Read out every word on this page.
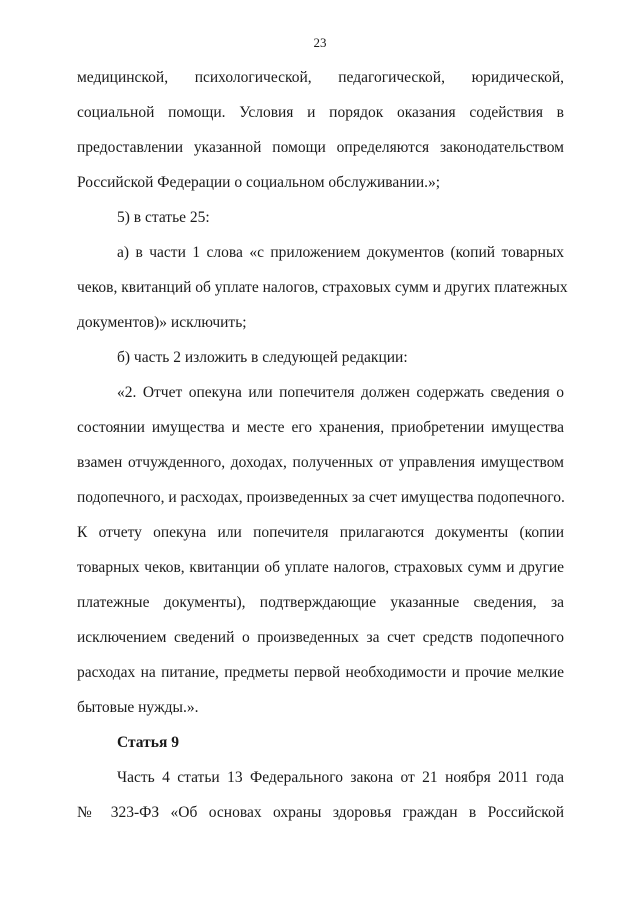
23
медицинской, психологической, педагогической, юридической,
социальной помощи. Условия и порядок оказания содействия в
предоставлении указанной помощи определяются законодательством
Российской Федерации о социальном обслуживании.»;
5) в статье 25:
а) в части 1 слова «с приложением документов (копий товарных
чеков, квитанций об уплате налогов, страховых сумм и других платежных
документов)» исключить;
б) часть 2 изложить в следующей редакции:
«2. Отчет опекуна или попечителя должен содержать сведения о
состоянии имущества и месте его хранения, приобретении имущества
взамен отчужденного, доходах, полученных от управления имуществом
подопечного, и расходах, произведенных за счет имущества подопечного.
К отчету опекуна или попечителя прилагаются документы (копии
товарных чеков, квитанции об уплате налогов, страховых сумм и другие
платежные документы), подтверждающие указанные сведения, за
исключением сведений о произведенных за счет средств подопечного
расходах на питание, предметы первой необходимости и прочие мелкие
бытовые нужды.».
Статья 9
Часть 4 статьи 13 Федерального закона от 21 ноября 2011 года
№ 323-ФЗ «Об основах охраны здоровья граждан в Российской
